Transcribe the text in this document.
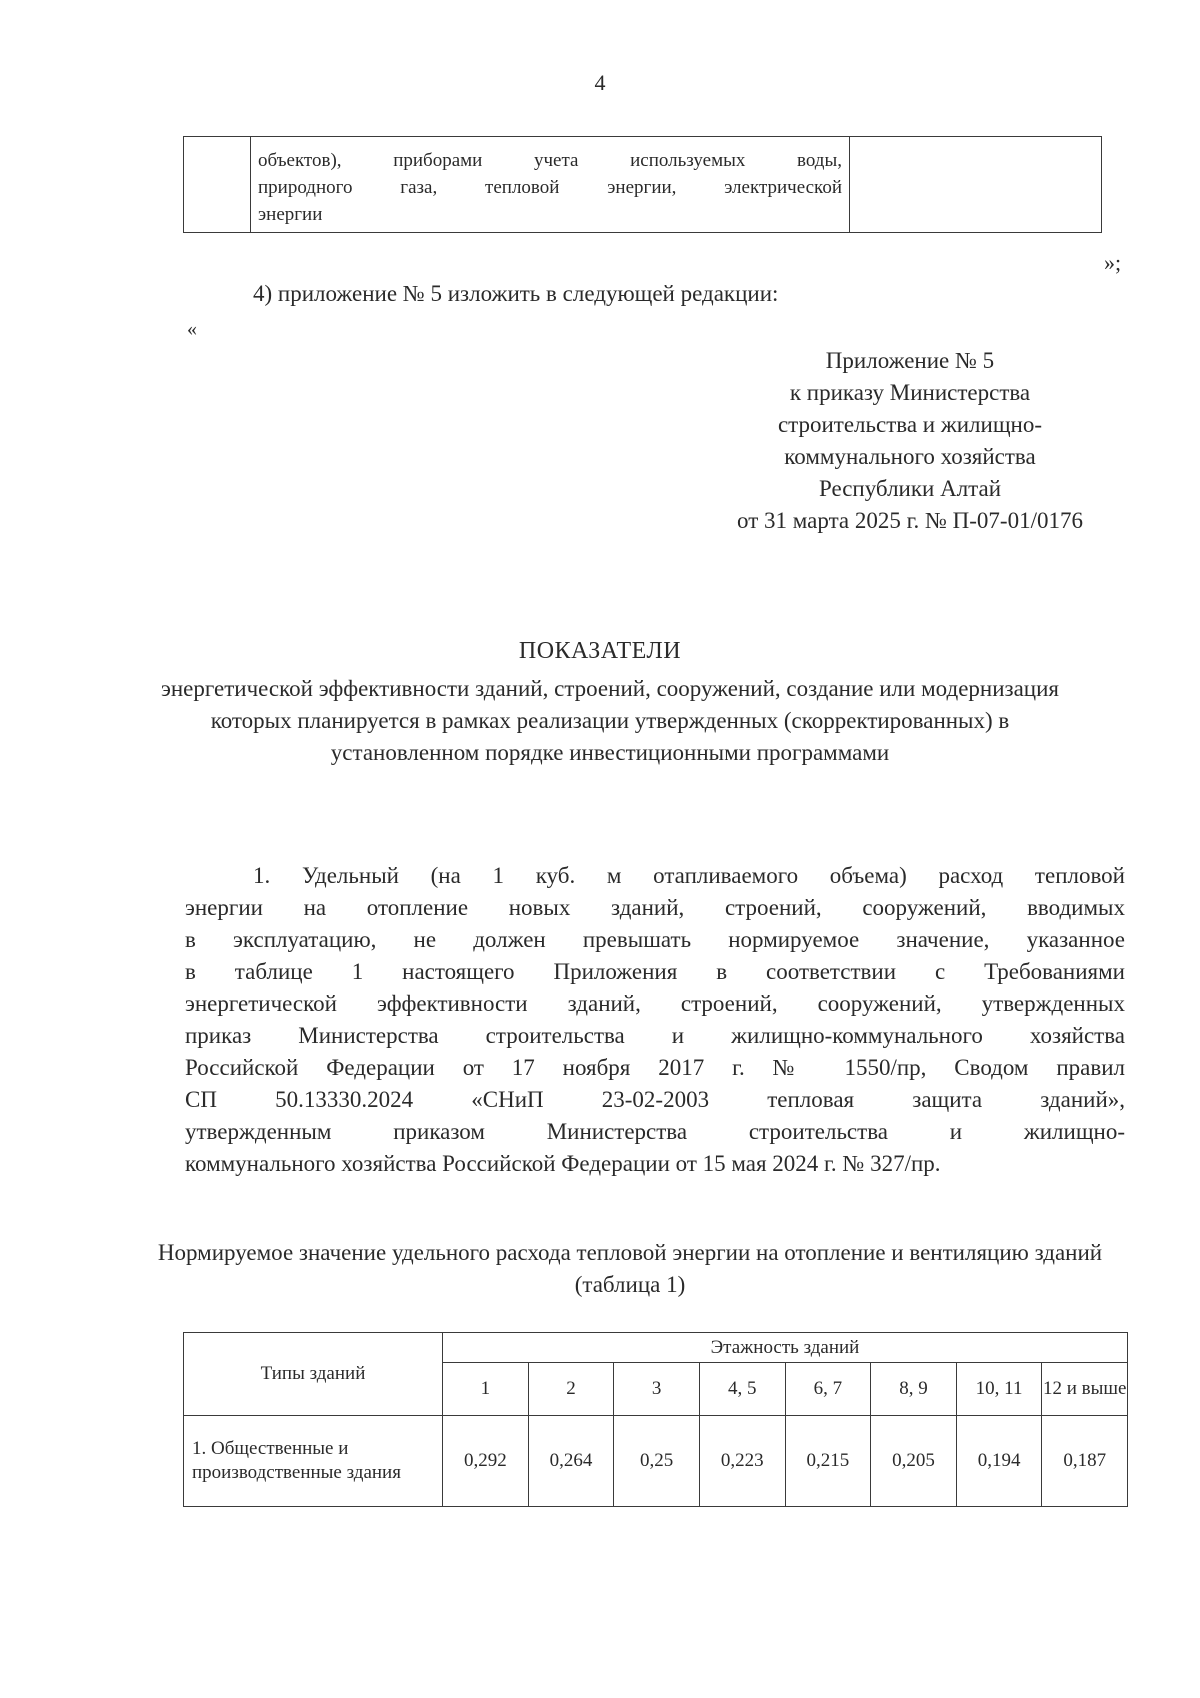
4

объектов), приборами учета используемых воды,
природного газа, тепловой энергии, электрической
энергии

»;
4) приложение № 5 изложить в следующей редакции:
«
Приложение № 5
к приказу Министерства
строительства и жилищно-
коммунального хозяйства
Республики Алтай
от 31 марта 2025 г. № П-07-01/0176
ПОКАЗАТЕЛИ
энергетической эффективности зданий, строений, сооружений, создание или модернизация которых планируется в рамках реализации утвержденных (скорректированных) в установленном порядке инвестиционными программами
1. Удельный (на 1 куб. м отапливаемого объема) расход тепловой
энергии на отопление новых зданий, строений, сооружений, вводимых
в эксплуатацию, не должен превышать нормируемое значение, указанное
в таблице 1 настоящего Приложения в соответствии с Требованиями
энергетической эффективности зданий, строений, сооружений, утвержденных
приказ Министерства строительства и жилищно-коммунального хозяйства
Российской Федерации от 17 ноября 2017 г. № 1550/пр, Сводом правил
СП 50.13330.2024 «СНиП 23-02-2003 тепловая защита зданий»,
утвержденным приказом Министерства строительства и жилищно-
коммунального хозяйства Российской Федерации от 15 мая 2024 г. № 327/пр.
Нормируемое значение удельного расхода тепловой энергии на отопление и вентиляцию зданий (таблица 1)
Типы зданий	Этажность зданий							
	1	2	3	4, 5	6, 7	8, 9	10, 11	12 и выше
1. Общественные и производственные здания	0,292	0,264	0,25	0,223	0,215	0,205	0,194	0,187
